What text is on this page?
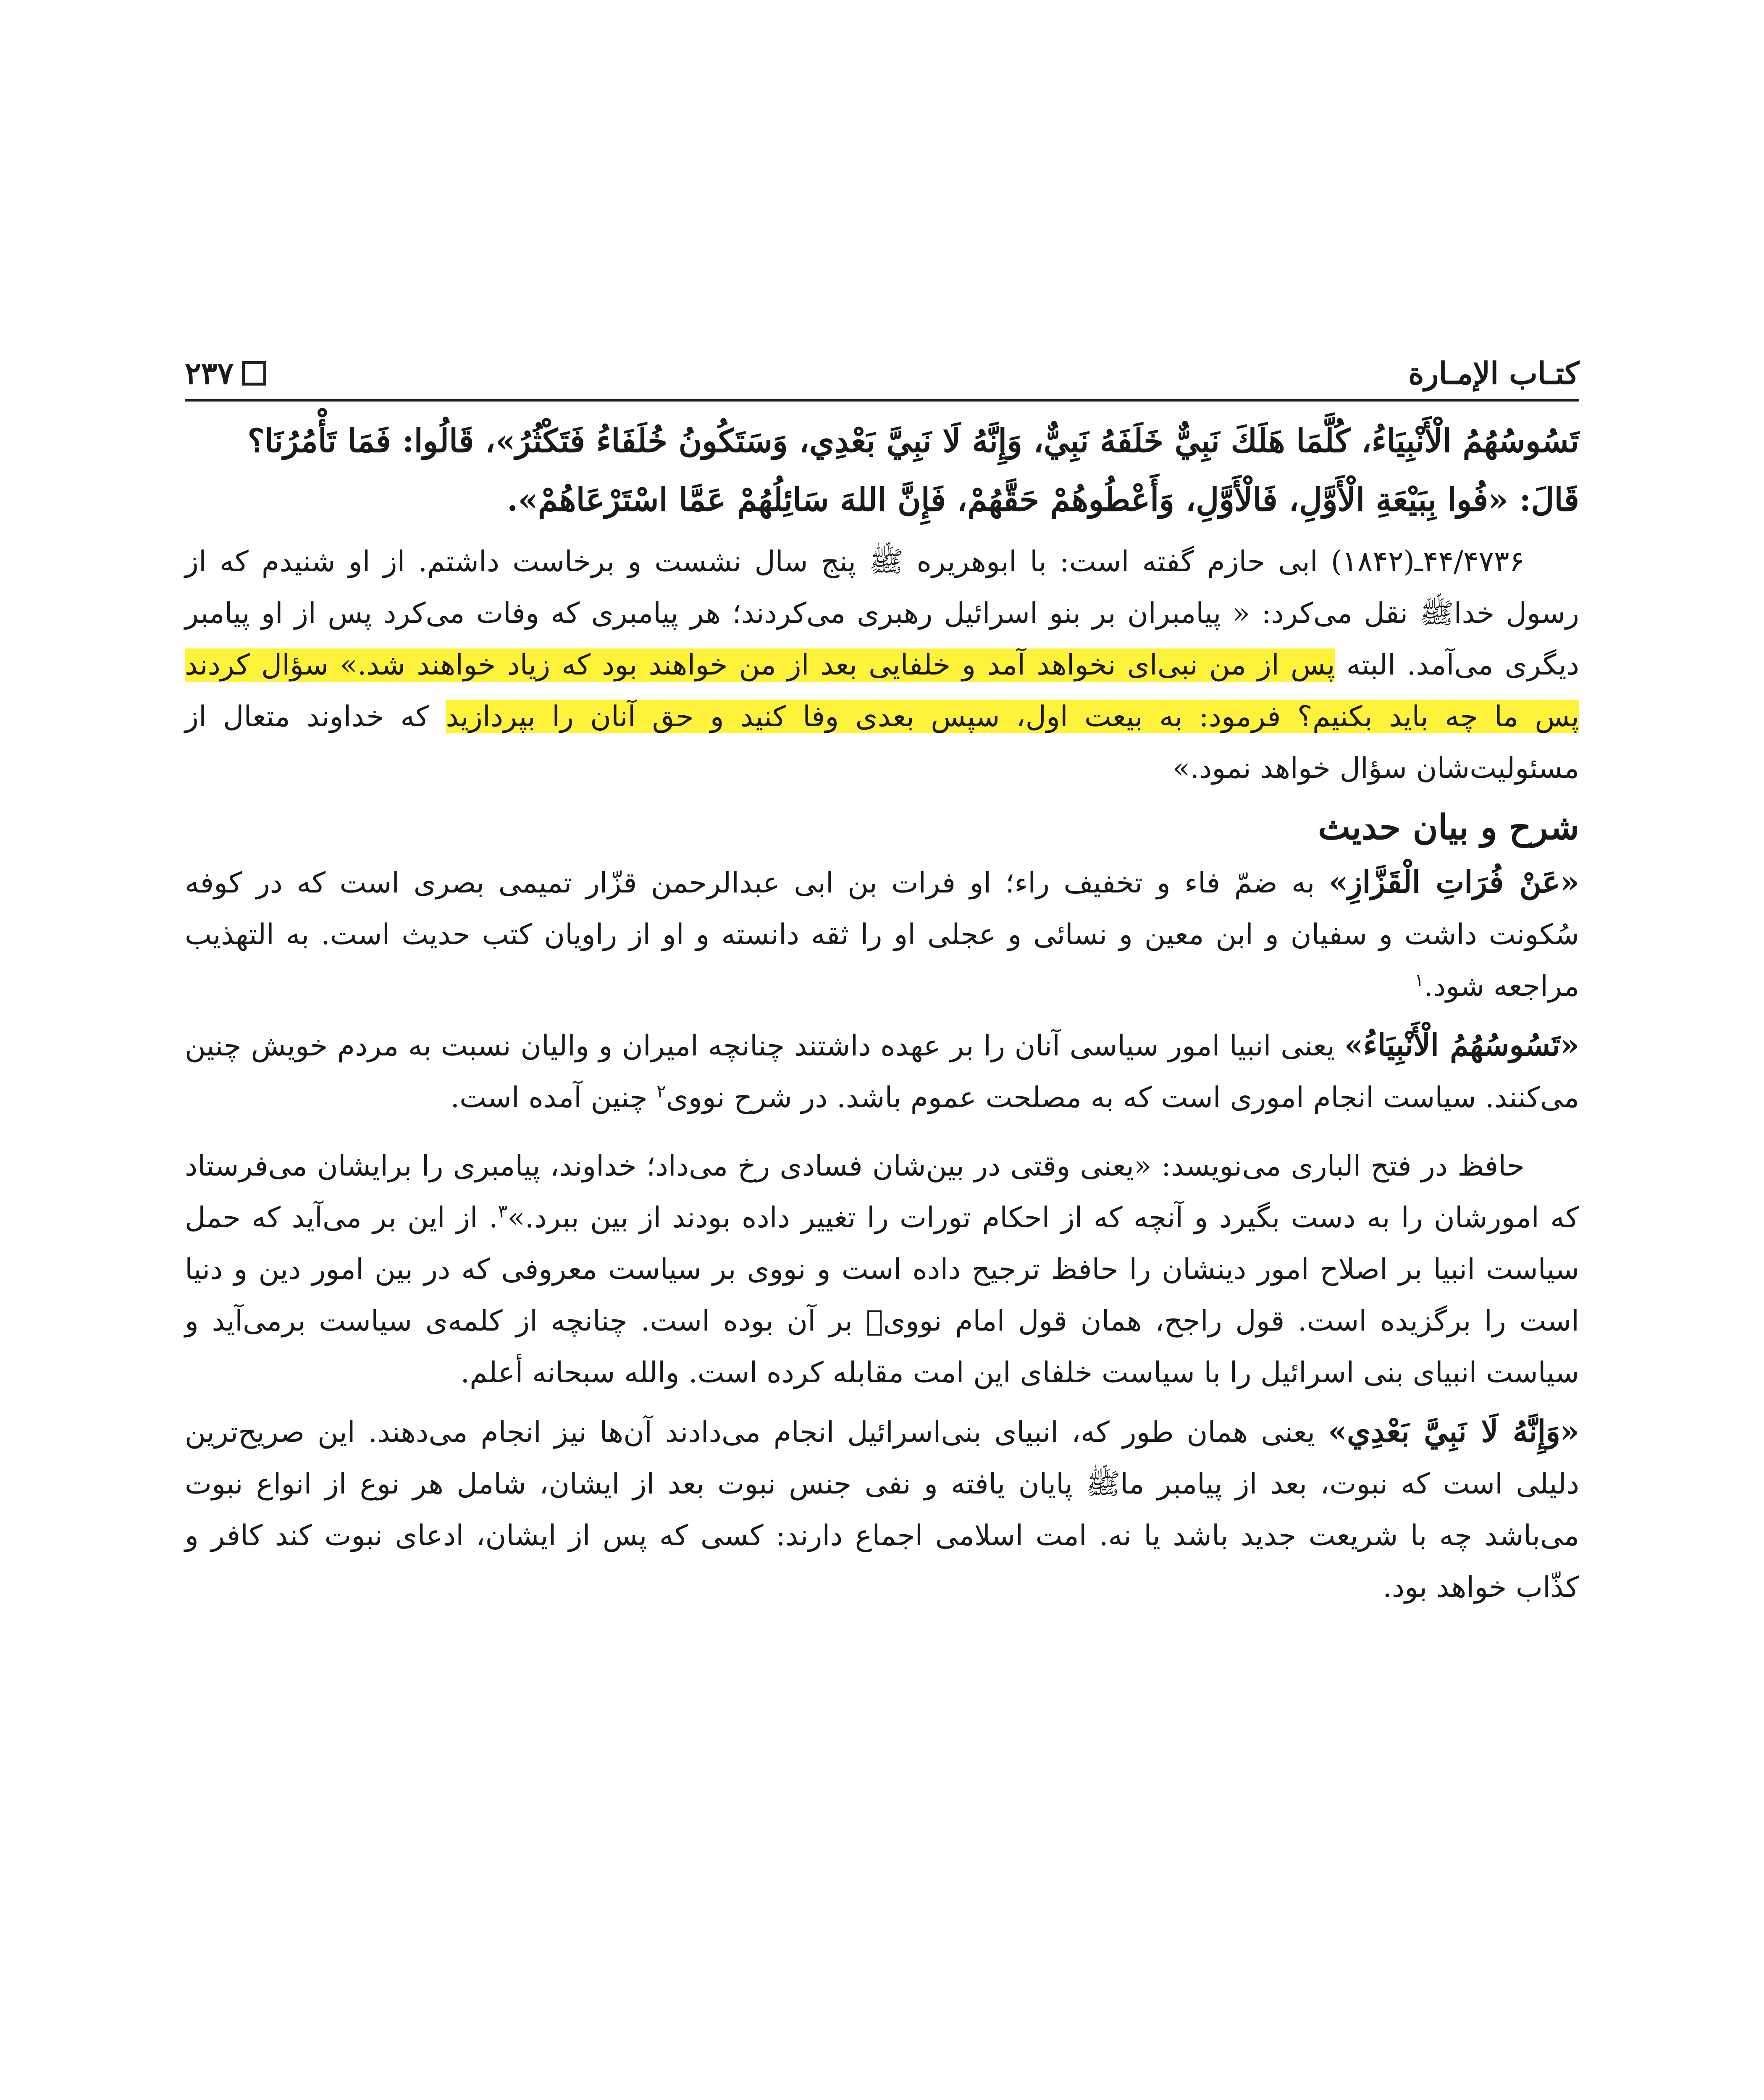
کتـاب الإمـارة
۲۳۷

تَسُوسُهُمُ الْأَنْبِيَاءُ، كُلَّمَا هَلَكَ نَبِيٌّ خَلَفَهُ نَبِيٌّ، وَإِنَّهُ لَا نَبِيَّ بَعْدِي، وَسَتَكُونُ خُلَفَاءُ فَتَكْثُرُ»، قَالُوا: فَمَا تَأْمُرُنَا؟

قَالَ: «فُوا بِبَيْعَةِ الْأَوَّلِ، فَالْأَوَّلِ، وَأَعْطُوهُمْ حَقَّهُمْ، فَإِنَّ اللهَ سَائِلُهُمْ عَمَّا اسْتَرْعَاهُمْ».

۴۴/۴۷۳۶ـ(۱۸۴۲) ابی حازم گفته است: با ابوهریره ﷺ پنج سال نشست و برخاست داشتم. از او شنیدم که از رسول خداﷺ نقل می‌کرد: « پیامبران بر بنو اسرائیل رهبری می‌کردند؛ هر پیامبری که وفات می‌کرد پس از او پیامبر دیگری می‌آمد. البته پس از من نبی‌ای نخواهد آمد و خلفایی بعد از من خواهند بود که زیاد خواهند شد.» سؤال کردند پس ما چه باید بکنیم؟ فرمود: به بیعت اول، سپس بعدی وفا کنید و حق آنان را بپردازید که خداوند متعال از مسئولیت‌شان سؤال خواهد نمود.»

شرح و بیان حدیث

«عَنْ فُرَاتِ الْقَزَّازِ» به ضمّ فاء و تخفیف راء؛ او فرات بن ابی عبدالرحمن قزّار تمیمی بصری است که در کوفه سُکونت داشت و سفیان و ابن معین و نسائی و عجلی او را ثقه دانسته و او از راویان کتب حدیث است. به التهذیب مراجعه شود.$^۱$

«تَسُوسُهُمُ الْأَنْبِيَاءُ» یعنی انبیا امور سیاسی آنان را بر عهده داشتند چنانچه امیران و والیان نسبت به مردم خویش چنین می‌کنند. سیاست انجام اموری است که به مصلحت عموم باشد. در شرح نووی$^۲$ چنین آمده است.

حافظ در فتح الباری می‌نویسد: «یعنی وقتی در بین‌شان فسادی رخ می‌داد؛ خداوند، پیامبری را برایشان می‌فرستاد که امورشان را به دست بگیرد و آنچه که از احکام تورات را تغییر داده بودند از بین ببرد.»$^۳$. از این بر می‌آید که حمل سیاست انبیا بر اصلاح امور دینشان را حافظ ترجیح داده است و نووی بر سیاست معروفی که در بین امور دین و دنیا است را برگزیده است. قول راجح، همان قول امام نووی‌﷫ بر آن بوده است. چنانچه از کلمه‌ی سیاست برمی‌آید و سیاست انبیای بنی اسرائیل را با سیاست خلفای این امت مقابله کرده است. والله سبحانه أعلم.

«وَإِنَّهُ لَا نَبِيَّ بَعْدِي» یعنی همان طور که، انبیای بنی‌اسرائیل انجام می‌دادند آن‌ها نیز انجام می‌دهند. این صریح‌ترین دلیلی است که نبوت، بعد از پیامبر ماﷺ پایان یافته و نفی جنس نبوت بعد از ایشان، شامل هر نوع از انواع نبوت می‌باشد چه با شریعت جدید باشد یا نه. امت اسلامی اجماع دارند: کسی که پس از ایشان، ادعای نبوت کند کافر و کذّاب خواهد بود.
